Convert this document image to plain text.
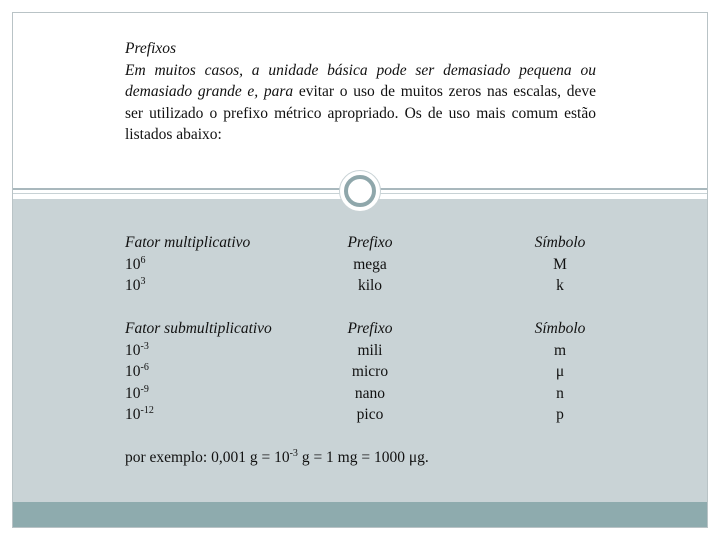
Prefixos
Em muitos casos, a unidade básica pode ser demasiado pequena ou demasiado grande e, para evitar o uso de muitos zeros nas escalas, deve ser utilizado o prefixo métrico apropriado. Os de uso mais comum estão listados abaixo:
Fator multiplicativo
$10^6$
$10^3$
Prefixo
mega
kilo
Símbolo
M
k
Fator submultiplicativo
$10^{-3}$
$10^{-6}$
$10^{-9}$
$10^{-12}$
Prefixo
mili
micro
nano
pico
Símbolo
m
μ
n
p
por exemplo: 0,001 $g = 10^{-3}$ g = 1 mg = 1000 μg.
